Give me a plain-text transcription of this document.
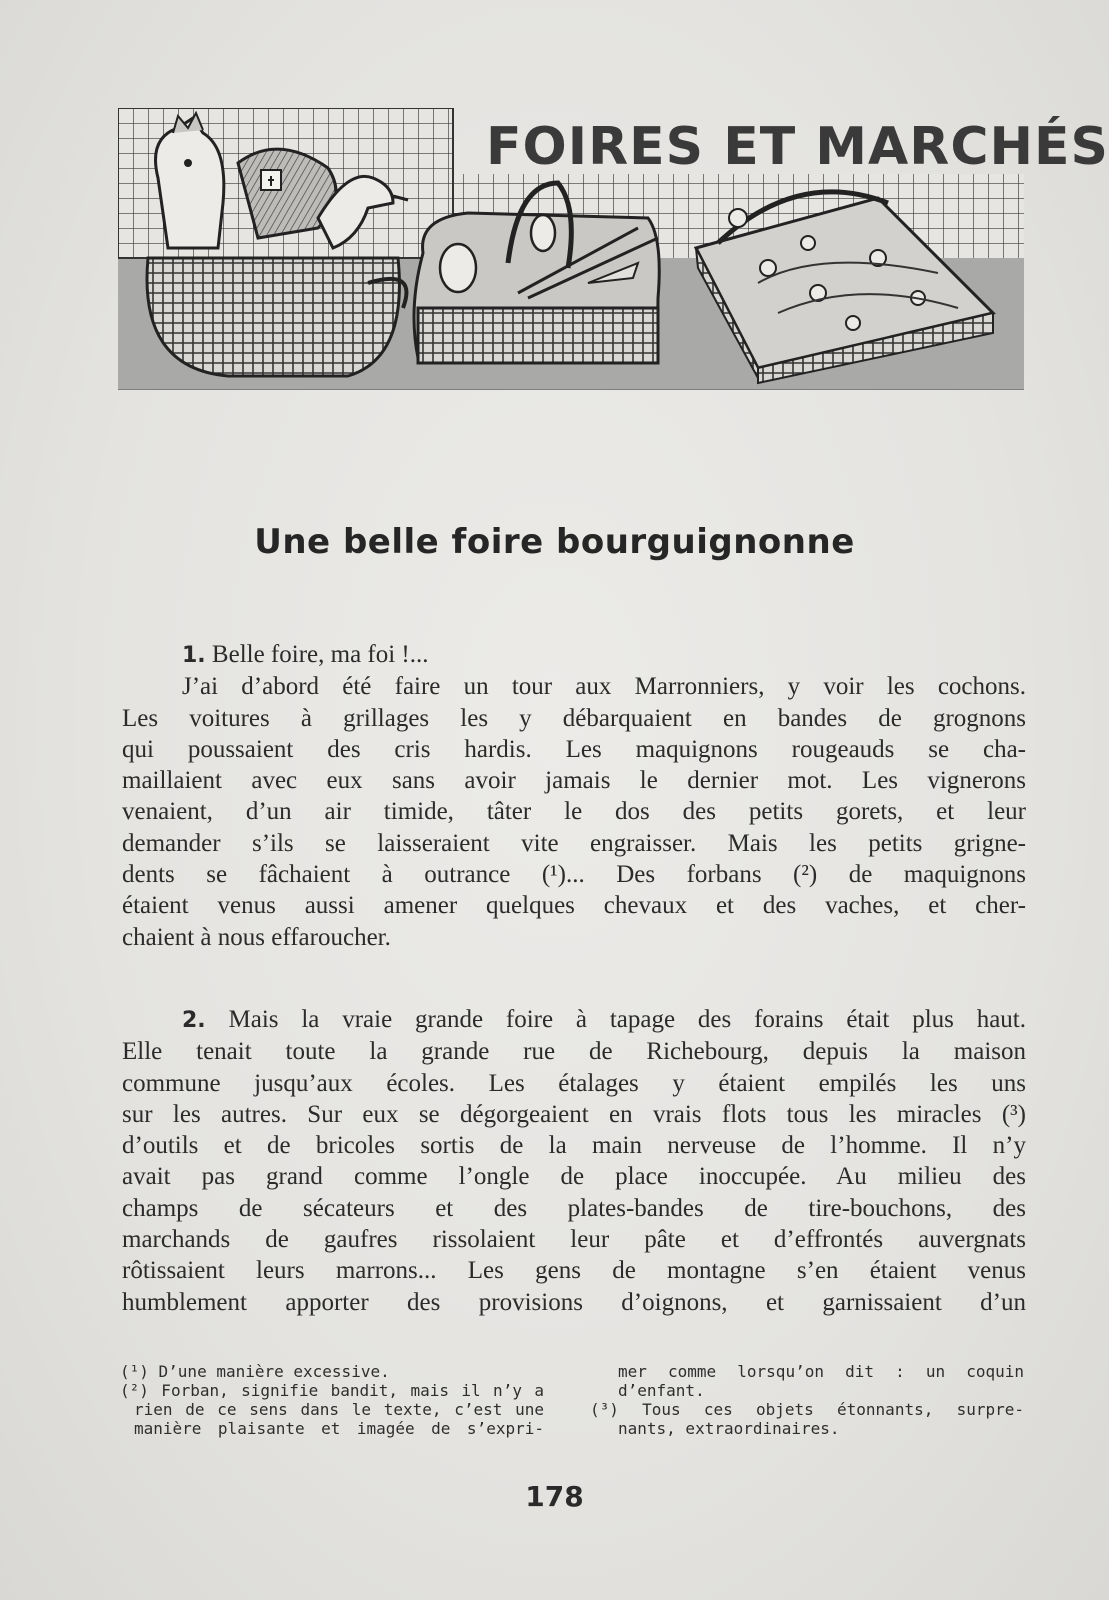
FOIRES ET MARCHÉS
Une belle foire bourguignonne
1. Belle foire, ma foi !...
J’ai d’abord été faire un tour aux Marronniers, y voir les cochons.
Les voitures à grillages les y débarquaient en bandes de grognons
qui poussaient des cris hardis. Les maquignons rougeauds se cha-
maillaient avec eux sans avoir jamais le dernier mot. Les vignerons
venaient, d’un air timide, tâter le dos des petits gorets, et leur
demander s’ils se laisseraient vite engraisser. Mais les petits grigne-
dents se fâchaient à outrance (¹)... Des forbans (²) de maquignons
étaient venus aussi amener quelques chevaux et des vaches, et cher-
chaient à nous effaroucher.
2. Mais la vraie grande foire à tapage des forains était plus haut.
Elle tenait toute la grande rue de Richebourg, depuis la maison
commune jusqu’aux écoles. Les étalages y étaient empilés les uns
sur les autres. Sur eux se dégorgeaient en vrais flots tous les miracles (³)
d’outils et de bricoles sortis de la main nerveuse de l’homme. Il n’y
avait pas grand comme l’ongle de place inoccupée. Au milieu des
champs de sécateurs et des plates-bandes de tire-bouchons, des
marchands de gaufres rissolaient leur pâte et d’effrontés auvergnats
rôtissaient leurs marrons... Les gens de montagne s’en étaient venus
humblement apporter des provisions d’oignons, et garnissaient d’un
(¹) D’une manière excessive.
(²) Forban, signifie bandit, mais il n’y a
rien de ce sens dans le texte, c’est une
manière plaisante et imagée de s’expri-
mer comme lorsqu’on dit : un coquin
d’enfant.
(³) Tous ces objets étonnants, surpre-
nants, extraordinaires.
178
